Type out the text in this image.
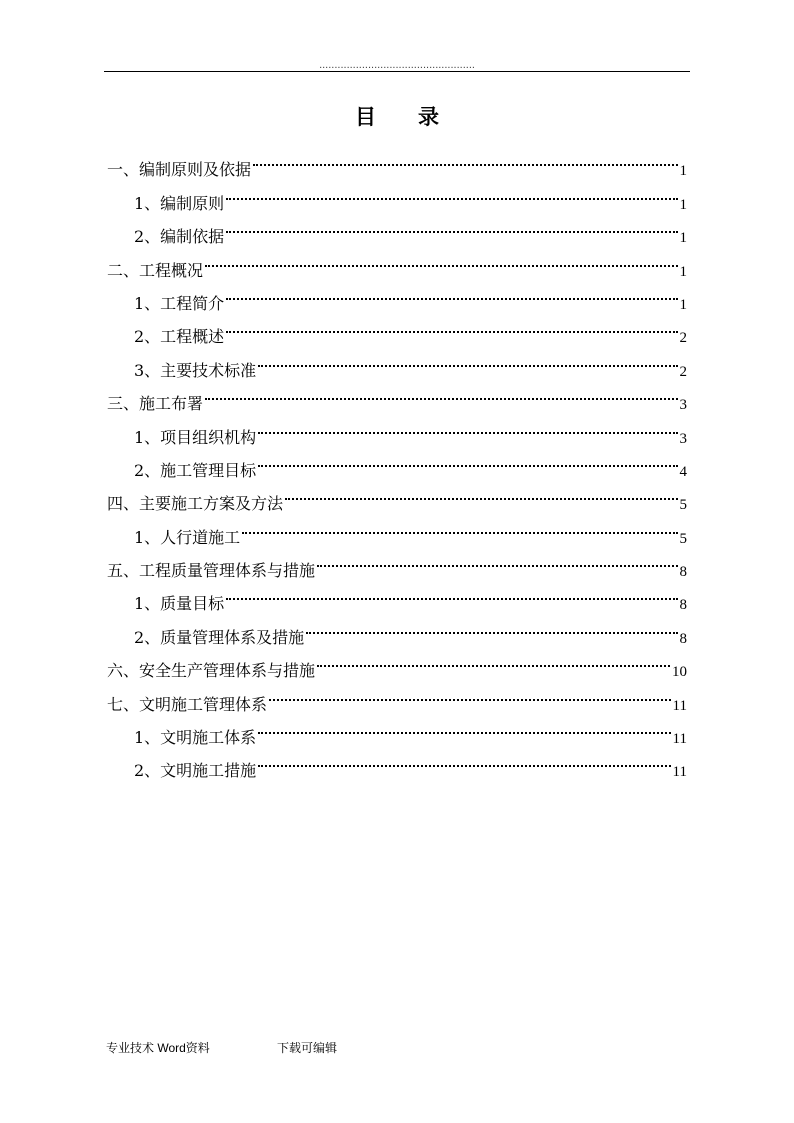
...................................................
目 录
一、编制原则及依据	1
1、编制原则	1
2、编制依据	1
二、工程概况	1
1、工程简介	1
2、工程概述	2
3、主要技术标准	2
三、施工布署	3
1、项目组织机构	3
2、施工管理目标	4
四、主要施工方案及方法	5
1、人行道施工	5
五、工程质量管理体系与措施	8
1、质量目标	8
2、质量管理体系及措施	8
六、安全生产管理体系与措施	10
七、文明施工管理体系	11
1、文明施工体系	11
2、文明施工措施	11
专业技术 Word资料	下载可编辑
